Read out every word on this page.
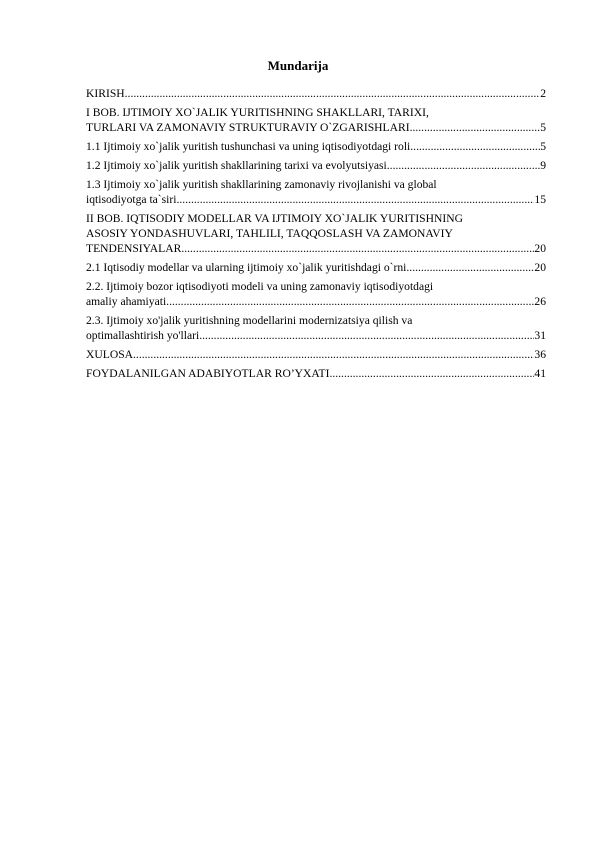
Mundarija
KIRISH .....	2
I BOB. IJTIMOIY XO`JALIK YURITISHNING SHAKLLARI, TARIXI,
TURLARI VA ZAMONAVIY STRUKTURAVIY O`ZGARISHLARI .....	5
1.1 Ijtimoiy xo`jalik yuritish tushunchasi va uning iqtisodiyotdagi roli .....	5
1.2 Ijtimoiy xo`jalik yuritish shakllarining tarixi va evolyutsiyasi .....	9
1.3 Ijtimoiy xo`jalik yuritish shakllarining zamonaviy rivojlanishi va global
iqtisodiyotga ta`siri .....	15
II BOB. IQTISODIY MODELLAR VA IJTIMOIY XO`JALIK YURITISHNING
ASOSIY YONDASHUVLARI, TAHLILI, TAQQOSLASH VA ZAMONAVIY
TENDENSIYALAR .....	20
2.1 Iqtisodiy modellar va ularning ijtimoiy xo`jalik yuritishdagi o`rni .....	20
2.2. Ijtimoiy bozor iqtisodiyoti modeli va uning zamonaviy iqtisodiyotdagi
amaliy ahamiyati .....	26
2.3. Ijtimoiy xo'jalik yuritishning modellarini modernizatsiya qilish va
optimallashtirish yo'llari .....	31
XULOSA .....	36
FOYDALANILGAN ADABIYOTLAR RO’YXATI .....	41
